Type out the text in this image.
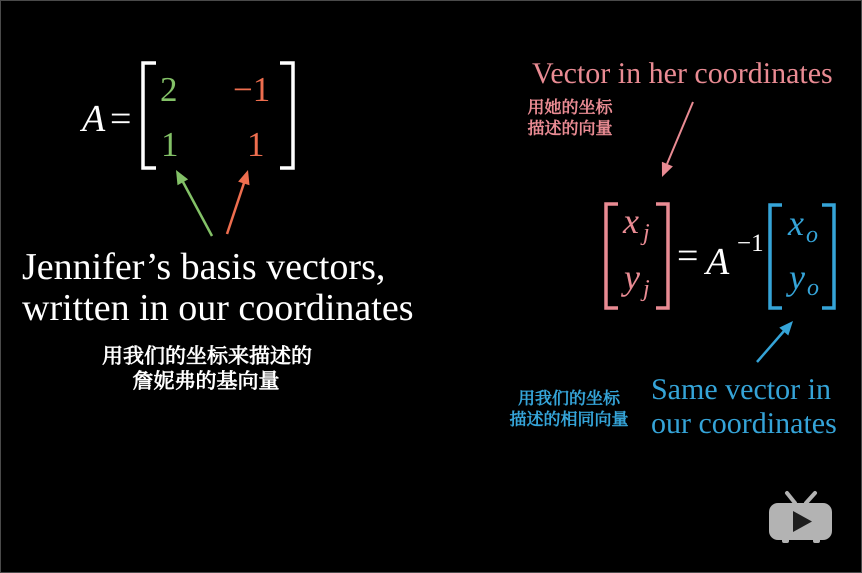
A =
2 −1
1 1
Jennifer’s basis vectors,
written in our coordinates
用我们的坐标来描述的
詹妮弗的基向量
Vector in her coordinates
用她的坐标
描述的向量
x j
y j
= A −1
x o
y o
Same vector in
our coordinates
用我们的坐标
描述的相同向量
